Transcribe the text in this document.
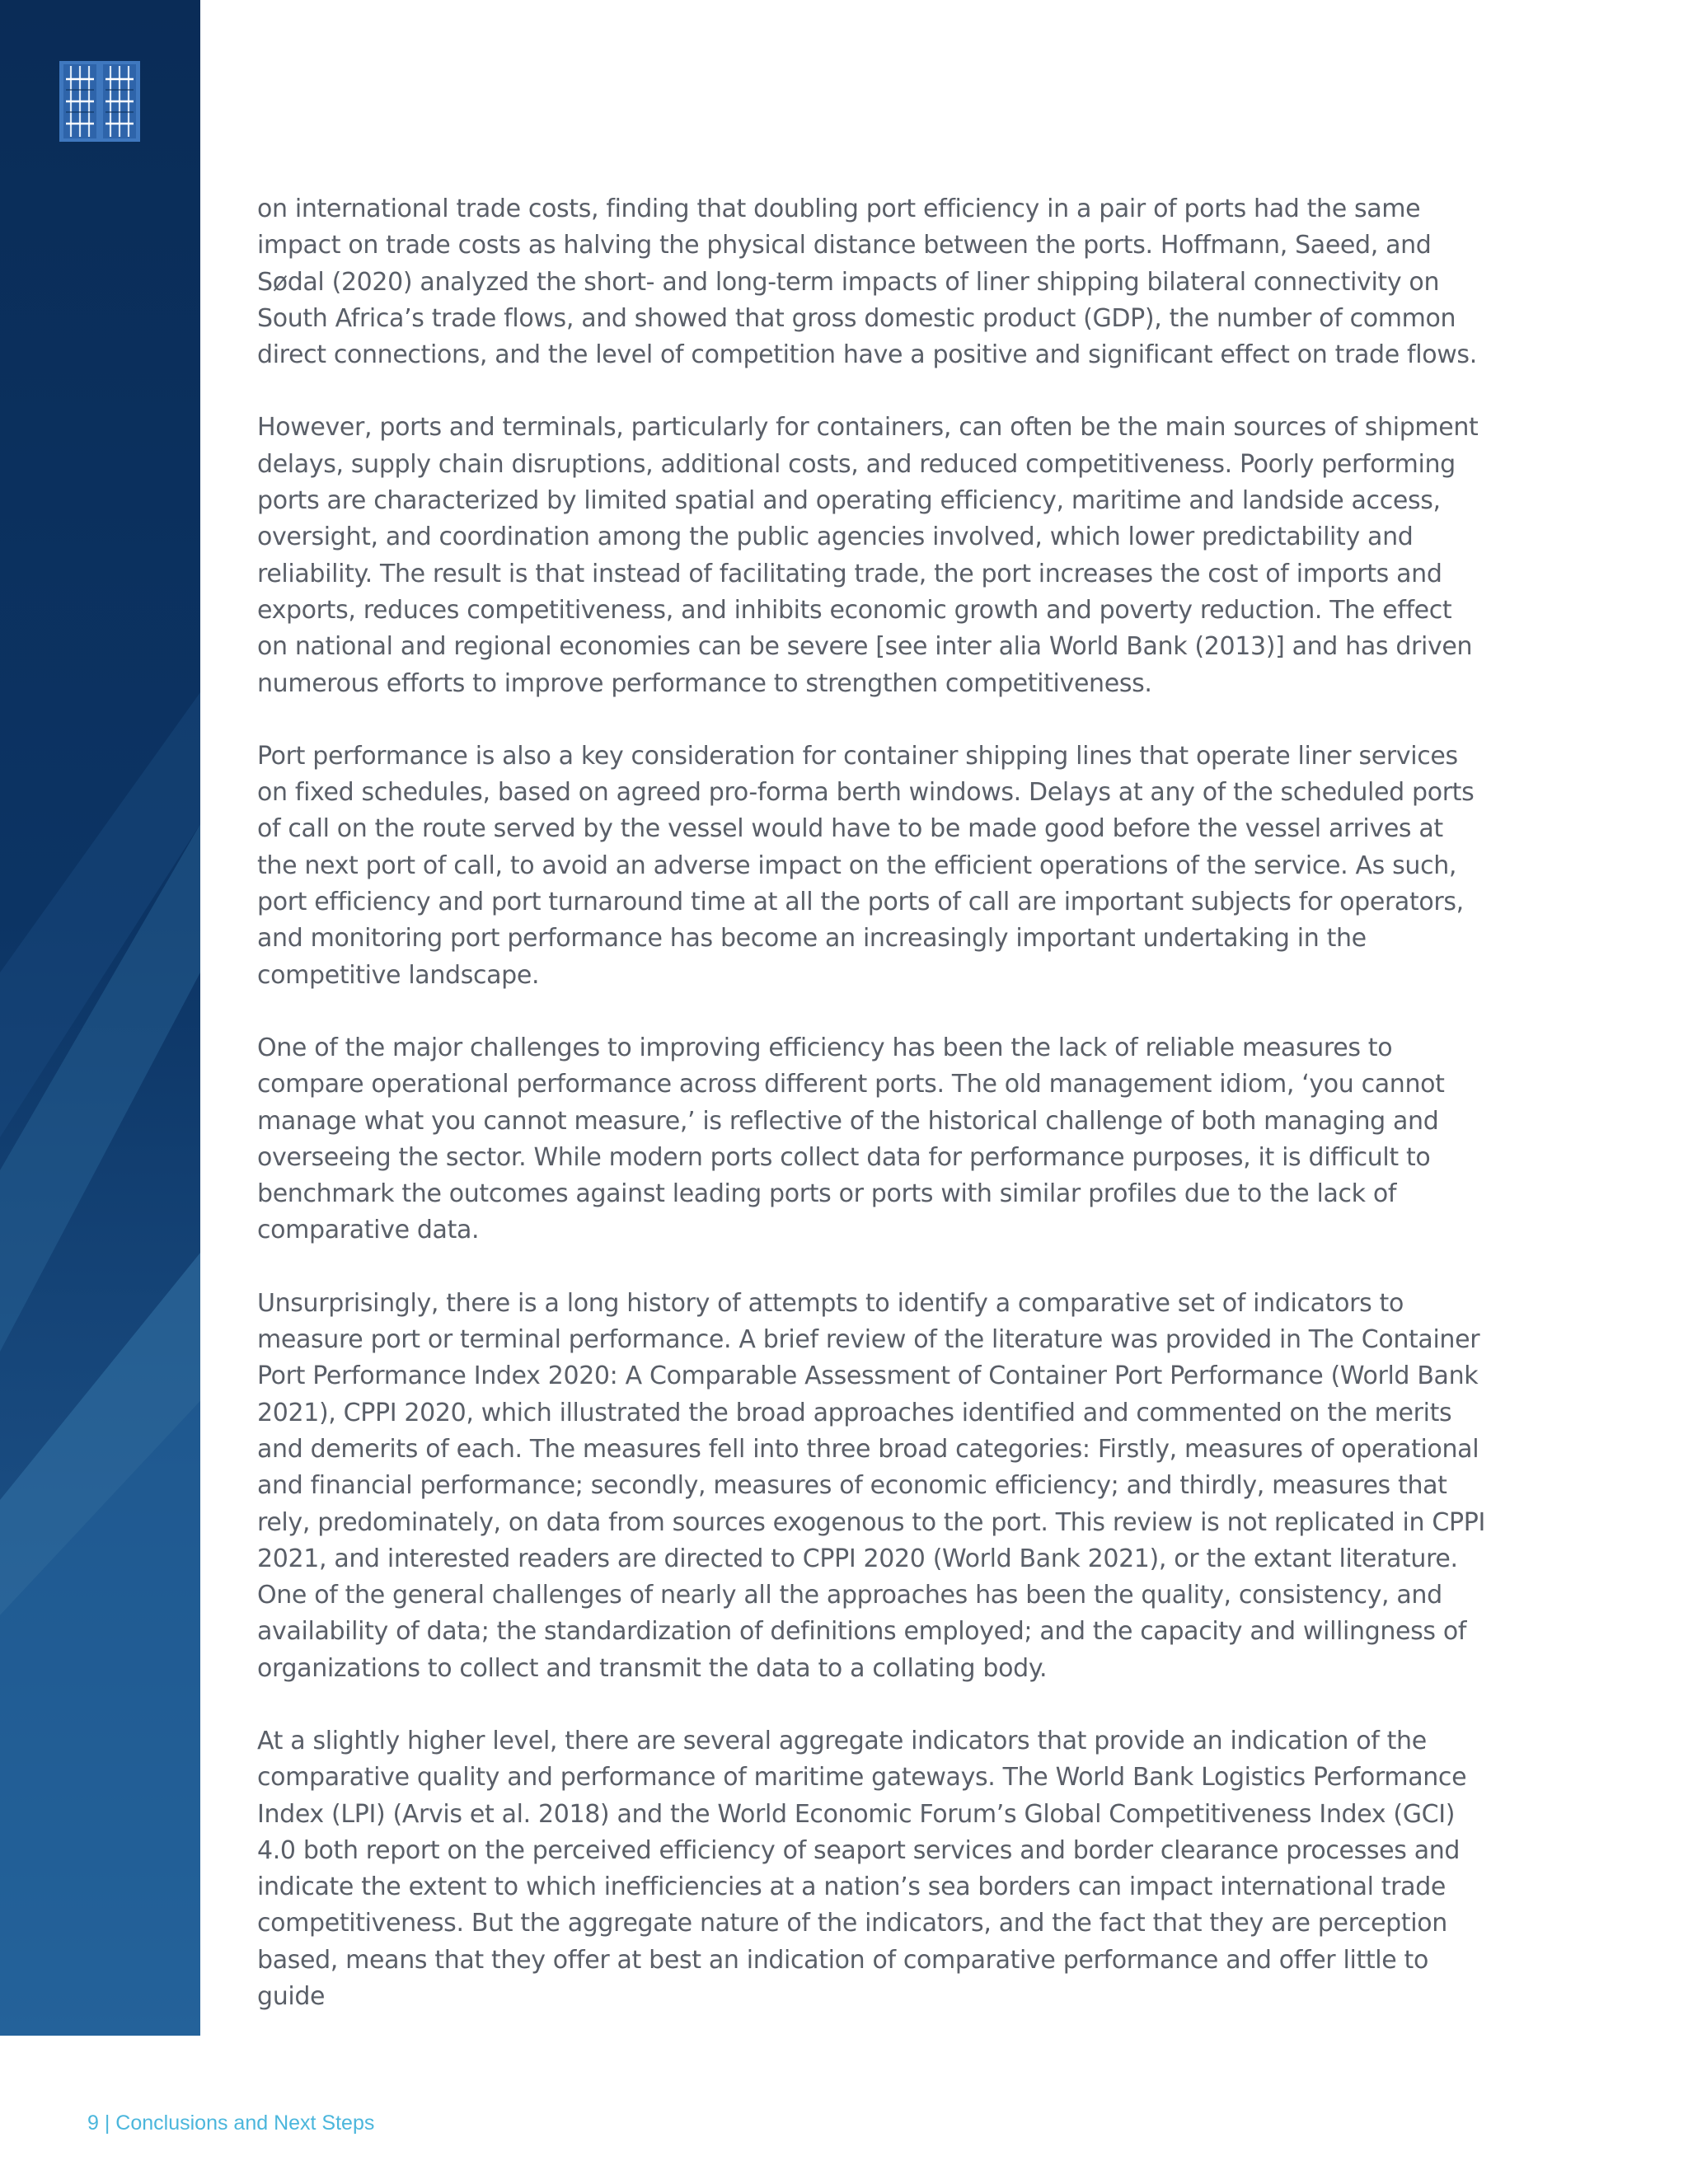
on international trade costs, finding that doubling port efficiency in a pair of ports had the same impact on trade costs as halving the physical distance between the ports. Hoffmann, Saeed, and Sødal (2020) analyzed the short- and long-term impacts of liner shipping bilateral connectivity on South Africa’s trade flows, and showed that gross domestic product (GDP), the number of common direct connections, and the level of competition have a positive and significant effect on trade flows.

However, ports and terminals, particularly for containers, can often be the main sources of shipment delays, supply chain disruptions, additional costs, and reduced competitiveness. Poorly performing ports are characterized by limited spatial and operating efficiency, maritime and landside access, oversight, and coordination among the public agencies involved, which lower predictability and reliability. The result is that instead of facilitating trade, the port increases the cost of imports and exports, reduces competitiveness, and inhibits economic growth and poverty reduction. The effect on national and regional economies can be severe [see inter alia World Bank (2013)] and has driven numerous efforts to improve performance to strengthen competitiveness.

Port performance is also a key consideration for container shipping lines that operate liner services on fixed schedules, based on agreed pro-forma berth windows. Delays at any of the scheduled ports of call on the route served by the vessel would have to be made good before the vessel arrives at the next port of call, to avoid an adverse impact on the efficient operations of the service. As such, port efficiency and port turnaround time at all the ports of call are important subjects for operators, and monitoring port performance has become an increasingly important undertaking in the competitive landscape.

One of the major challenges to improving efficiency has been the lack of reliable measures to compare operational performance across different ports. The old management idiom, ‘you cannot manage what you cannot measure,’ is reflective of the historical challenge of both managing and overseeing the sector. While modern ports collect data for performance purposes, it is difficult to benchmark the outcomes against leading ports or ports with similar profiles due to the lack of comparative data.

Unsurprisingly, there is a long history of attempts to identify a comparative set of indicators to measure port or terminal performance. A brief review of the literature was provided in The Container Port Performance Index 2020: A Comparable Assessment of Container Port Performance (World Bank 2021), CPPI 2020, which illustrated the broad approaches identified and commented on the merits and demerits of each. The measures fell into three broad categories: Firstly, measures of operational and financial performance; secondly, measures of economic efficiency; and thirdly, measures that rely, predominately, on data from sources exogenous to the port. This review is not replicated in CPPI 2021, and interested readers are directed to CPPI 2020 (World Bank 2021), or the extant literature. One of the general challenges of nearly all the approaches has been the quality, consistency, and availability of data; the standardization of definitions employed; and the capacity and willingness of organizations to collect and transmit the data to a collating body.

At a slightly higher level, there are several aggregate indicators that provide an indication of the comparative quality and performance of maritime gateways. The World Bank Logistics Performance Index (LPI) (Arvis et al. 2018) and the World Economic Forum’s Global Competitiveness Index (GCI) 4.0 both report on the perceived efficiency of seaport services and border clearance processes and indicate the extent to which inefficiencies at a nation’s sea borders can impact international trade competitiveness. But the aggregate nature of the indicators, and the fact that they are perception based, means that they offer at best an indication of comparative performance and offer little to guide

9 | Conclusions and Next Steps
